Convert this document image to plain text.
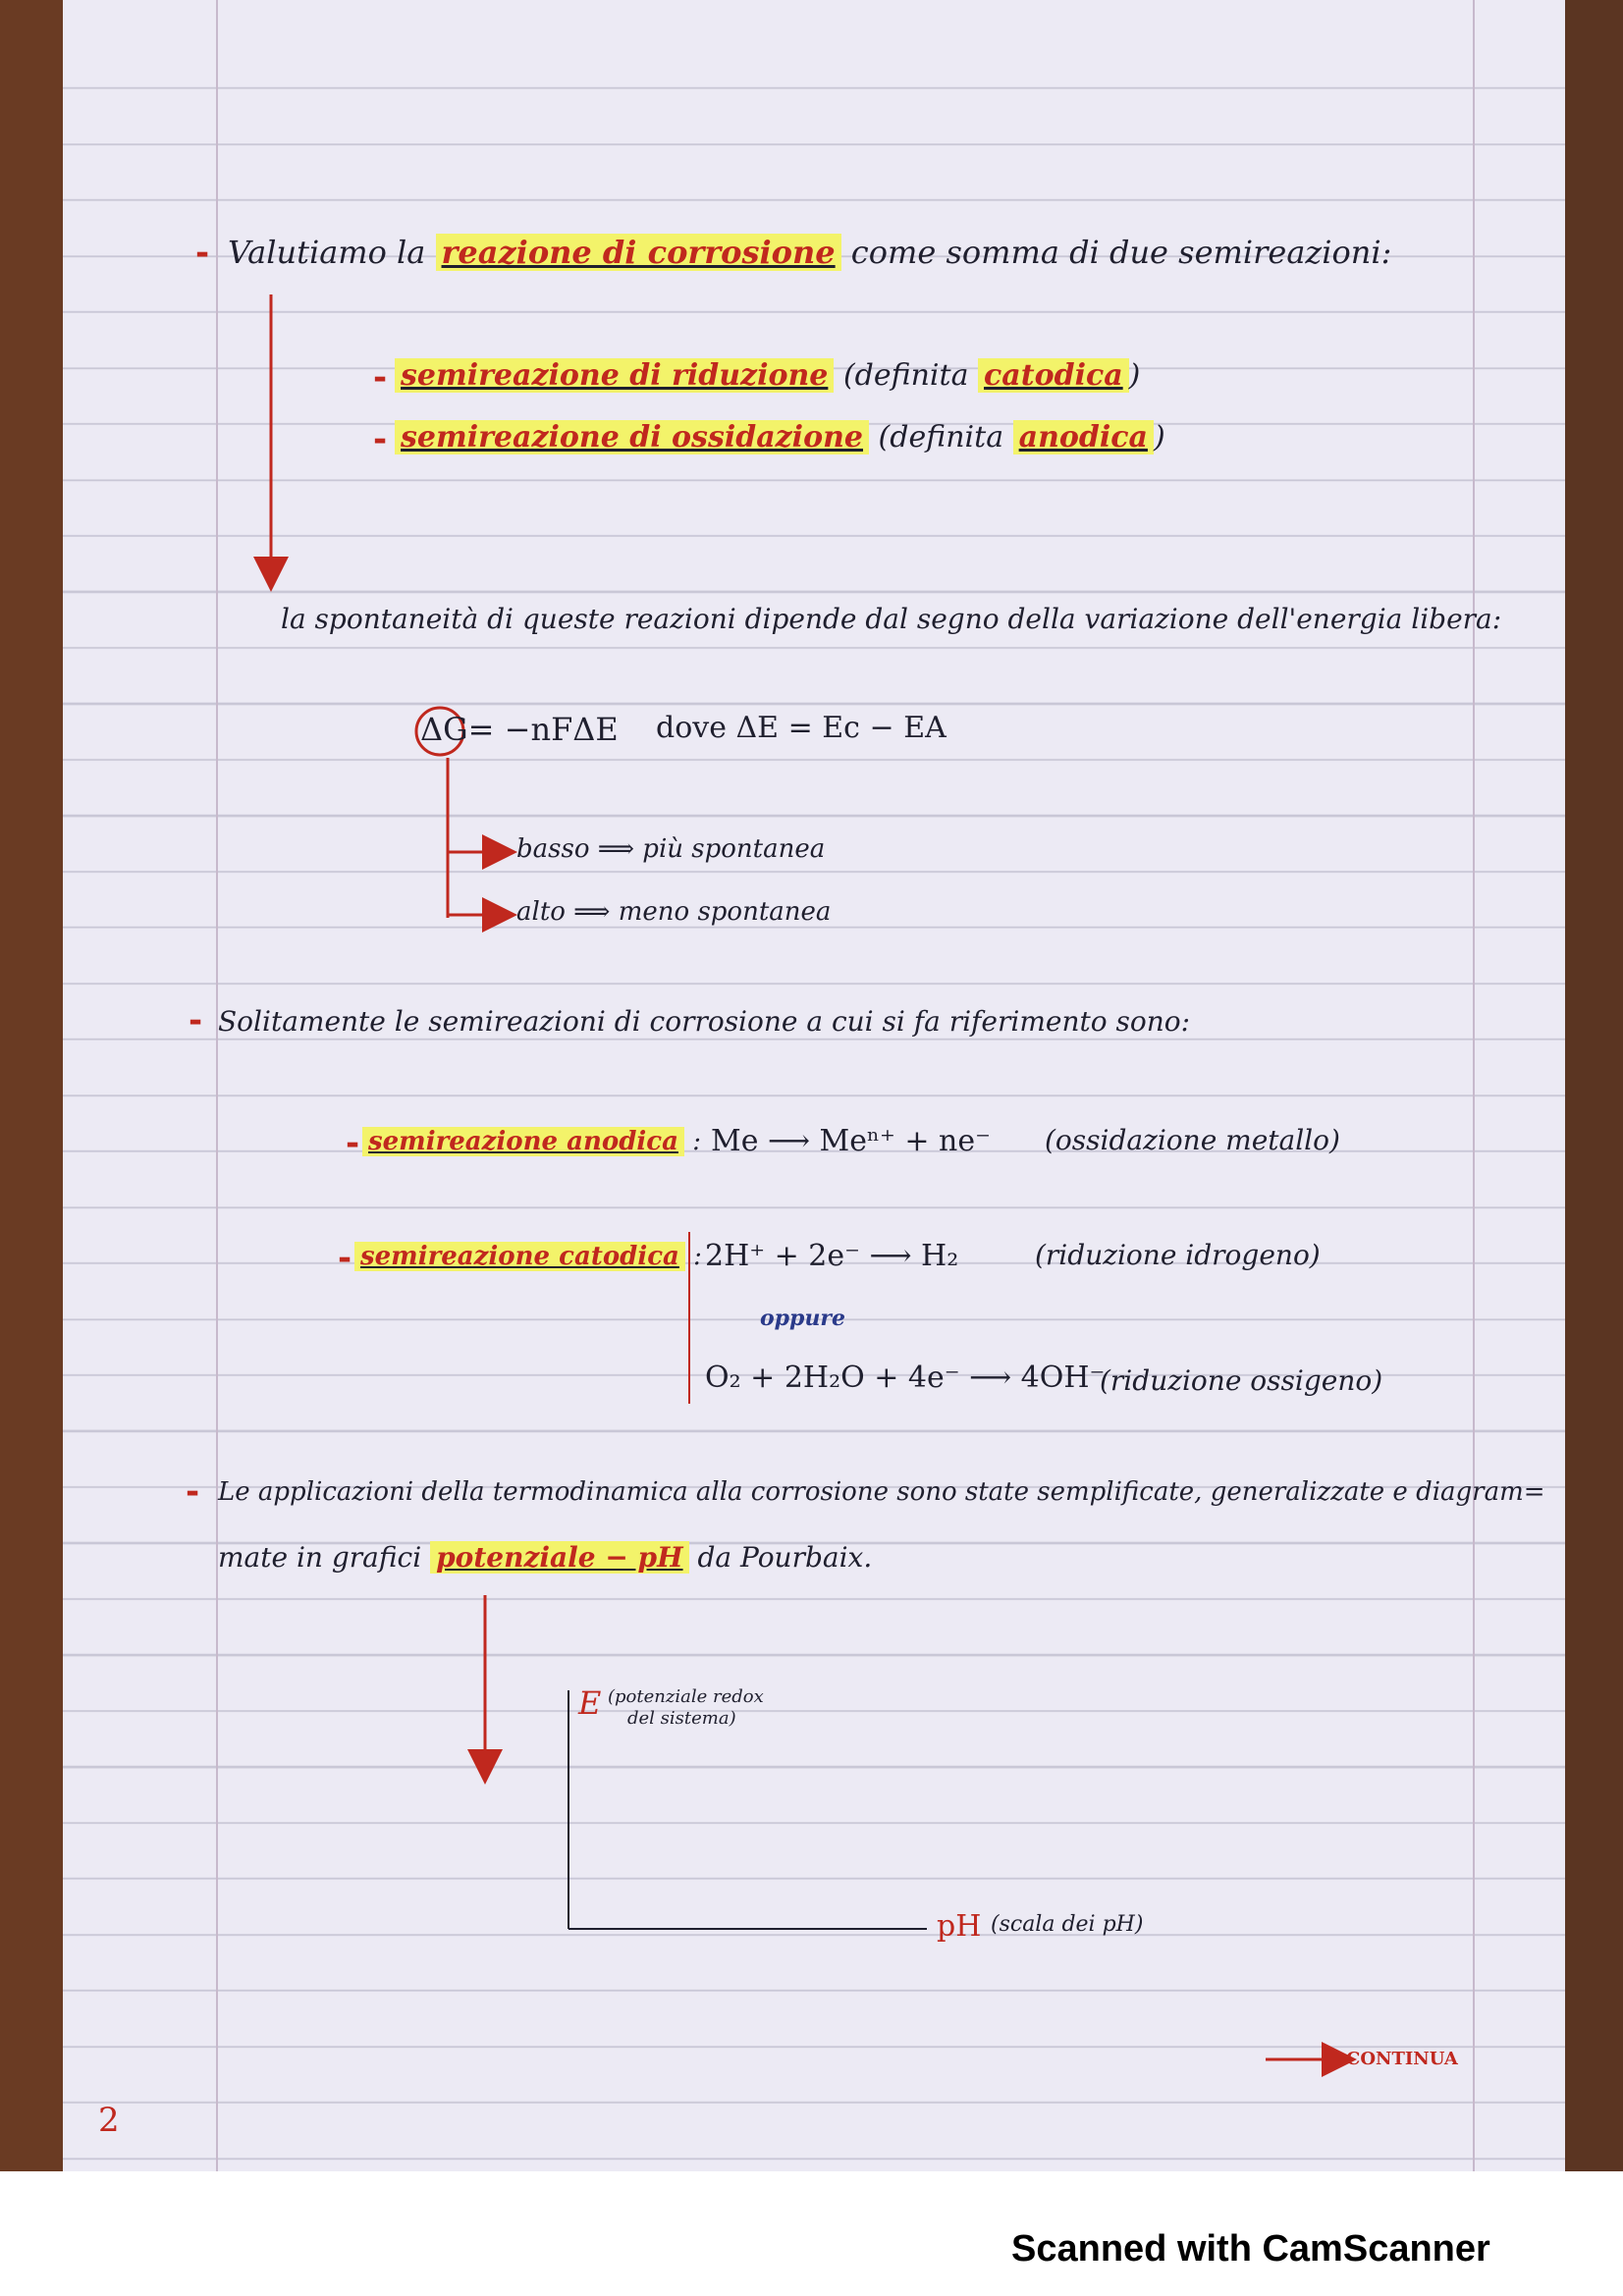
- Valutiamo la reazione di corrosione come somma di due semireazioni:
- semireazione di riduzione (definita catodica )
- semireazione di ossidazione (definita anodica )
la spontaneità di queste reazioni dipende dal segno della variazione dell'energia libera:
ΔG= −nFΔE dove ΔE = Ec − EA
basso ⟹ più spontanea
alto ⟹ meno spontanea
- Solitamente le semireazioni di corrosione a cui si fa riferimento sono:
- semireazione anodica : Me ⟶ Meⁿ⁺ + ne⁻ (ossidazione metallo)
- semireazione catodica : 2H⁺ + 2e⁻ ⟶ H₂	(riduzione idrogeno)
oppure
O₂ + 2H₂O + 4e⁻ ⟶ 4OH⁻
(riduzione ossigeno)
- Le applicazioni della termodinamica alla corrosione sono state semplificate, generalizzate e diagram=
mate in grafici potenziale − pH da Pourbaix.
E (potenziale redox
del sistema)
pH (scala dei pH)
CONTINUA
2
Scanned with CamScanner
